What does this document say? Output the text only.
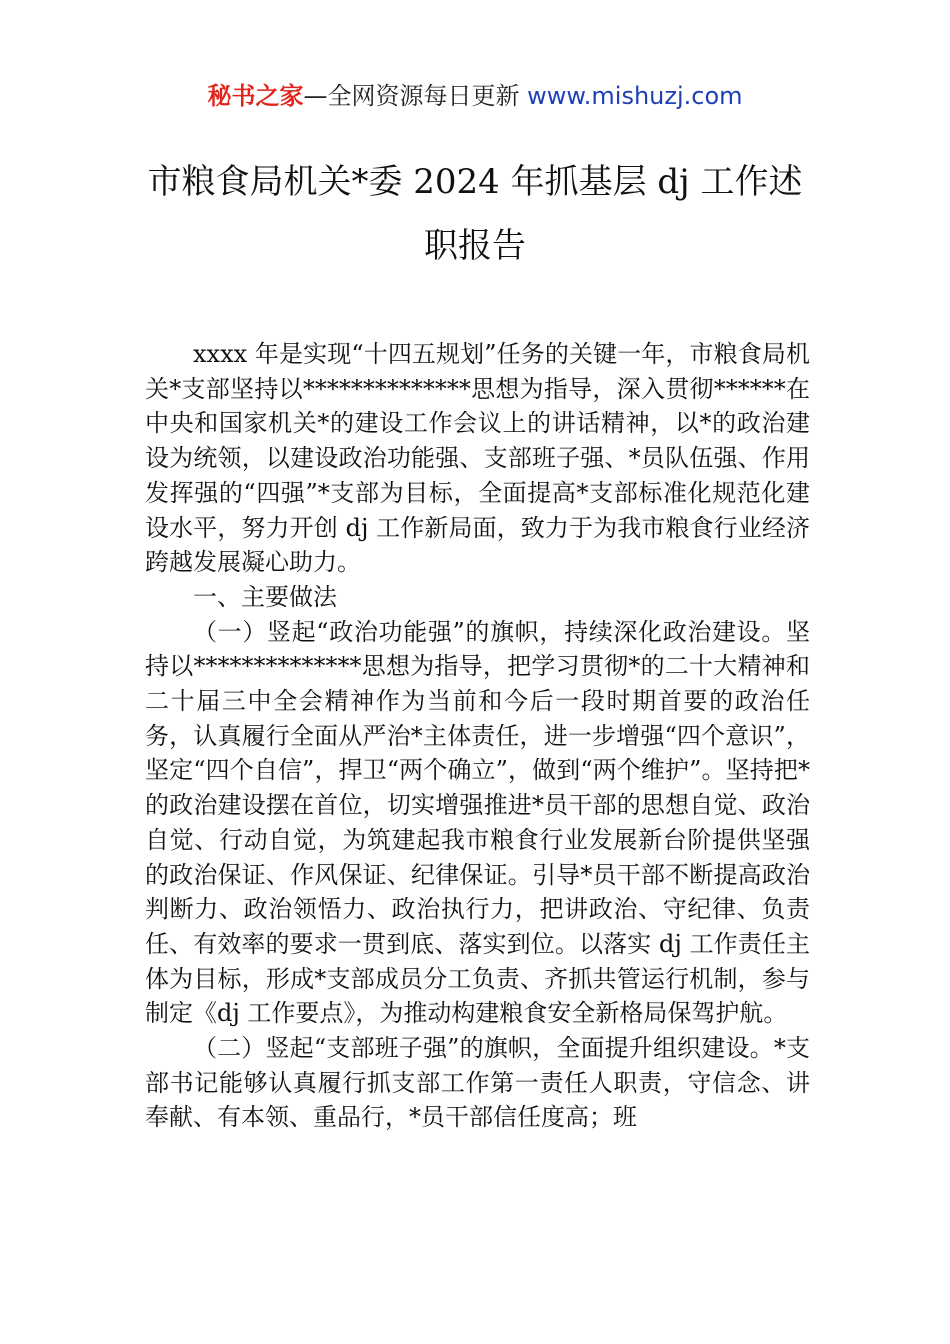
秘书之家—全网资源每日更新 www.mishuzj.com
市粮食局机关*委 2024 年抓基层 dj 工作述
职报告

xxxx 年是实现“十四五规划”任务的关键一年，市粮食局机关*支部坚持以**************思想为指导，深入贯彻******在中央和国家机关*的建设工作会议上的讲话精神，以*的政治建设为统领，以建设政治功能强、支部班子强、*员队伍强、作用发挥强的“四强”*支部为目标，全面提高*支部标准化规范化建设水平，努力开创 dj 工作新局面，致力于为我市粮食行业经济跨越发展凝心助力。

一、主要做法

（一）竖起“政治功能强”的旗帜，持续深化政治建设。坚持以**************思想为指导，把学习贯彻*的二十大精神和二十届三中全会精神作为当前和今后一段时期首要的政治任务，认真履行全面从严治*主体责任，进一步增强“四个意识”，坚定“四个自信”，捍卫“两个确立”，做到“两个维护”。坚持把*的政治建设摆在首位，切实增强推进*员干部的思想自觉、政治自觉、行动自觉，为筑建起我市粮食行业发展新台阶提供坚强的政治保证、作风保证、纪律保证。引导*员干部不断提高政治判断力、政治领悟力、政治执行力，把讲政治、守纪律、负责任、有效率的要求一贯到底、落实到位。以落实 dj 工作责任主体为目标，形成*支部成员分工负责、齐抓共管运行机制，参与制定《dj 工作要点》，为推动构建粮食安全新格局保驾护航。

（二）竖起“支部班子强”的旗帜，全面提升组织建设。*支部书记能够认真履行抓支部工作第一责任人职责，守信念、讲奉献、有本领、重品行，*员干部信任度高；班
